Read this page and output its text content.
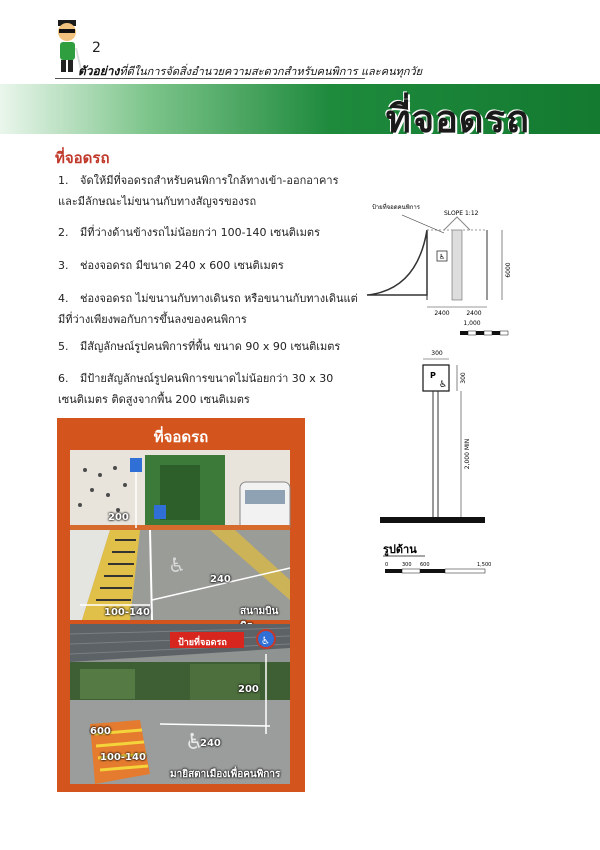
2
ตัวอย่างที่ดีในการจัดสิ่งอำนวยความสะดวกสำหรับคนพิการ และคนทุกวัย
ที่จอดรถ
ที่จอดรถ
1. จัดให้มีที่จอดรถสำหรับคนพิการใกล้ทางเข้า-ออกอาคารและมีลักษณะไม่ขนานกับทางสัญจรของรถ
2. มีที่ว่างด้านข้างรถไม่น้อยกว่า 100-140 เซนติเมตร
3. ช่องจอดรถ มีขนาด 240 x 600 เซนติเมตร
4. ช่องจอดรถ ไม่ขนานกับทางเดินรถ หรือขนานกับทางเดินแต่มีที่ว่างเพียงพอกับการขึ้นลงของคนพิการ
5. มีสัญลักษณ์รูปคนพิการที่พื้น ขนาด 90 x 90 เซนติเมตร
6. มีป้ายสัญลักษณ์รูปคนพิการขนาดไม่น้อยกว่า 30 x 30 เซนติเมตร ติดสูงจากพื้น 200 เซนติเมตร
♿
ป้ายที่จอดคนพิการ
SLOPE 1:12
6000
2400	2400
1,000
300
P
♿
300
2,000 MIN
รูปด้าน
0	300 600	1,500
ที่จอดรถ
♿
200
240
100-140	สนามบิน
♿
♿
ป้ายที่จอดรถ
200
600
240
100-140
มายิสตาเมืองเพื่อคนพิการ
